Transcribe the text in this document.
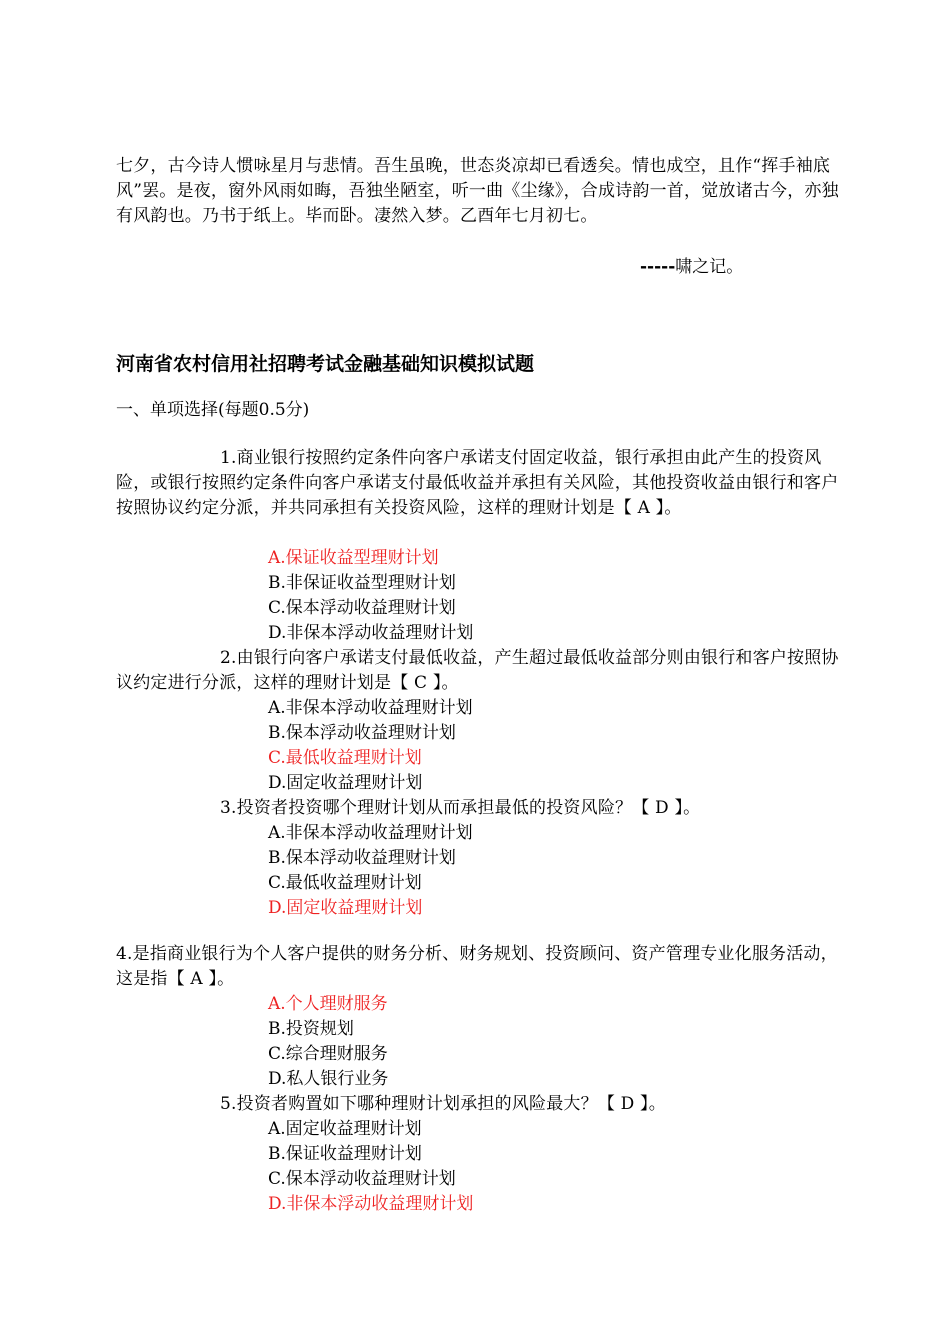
七夕，古今诗人惯咏星月与悲情。吾生虽晚，世态炎凉却已看透矣。情也成空，且作“挥手袖底风”罢。是夜，窗外风雨如晦，吾独坐陋室，听一曲《尘缘》，合成诗韵一首，觉放诸古今，亦独有风韵也。乃书于纸上。毕而卧。凄然入梦。乙酉年七月初七。
-----啸之记。
河南省农村信用社招聘考试金融基础知识模拟试题
一、单项选择(每题0.5分)
1.商业银行按照约定条件向客户承诺支付固定收益，银行承担由此产生的投资风险，或银行按照约定条件向客户承诺支付最低收益并承担有关风险，其他投资收益由银行和客户按照协议约定分派，并共同承担有关投资风险，这样的理财计划是【 A 】。
A.保证收益型理财计划
B.非保证收益型理财计划
C.保本浮动收益理财计划
D.非保本浮动收益理财计划
2.由银行向客户承诺支付最低收益，产生超过最低收益部分则由银行和客户按照协议约定进行分派，这样的理财计划是【 C 】。
A.非保本浮动收益理财计划
B.保本浮动收益理财计划
C.最低收益理财计划
D.固定收益理财计划
3.投资者投资哪个理财计划从而承担最低的投资风险？【 D 】。
A.非保本浮动收益理财计划
B.保本浮动收益理财计划
C.最低收益理财计划
D.固定收益理财计划
4.是指商业银行为个人客户提供的财务分析、财务规划、投资顾问、资产管理专业化服务活动，这是指【 A 】。
A.个人理财服务
B.投资规划
C.综合理财服务
D.私人银行业务
5.投资者购置如下哪种理财计划承担的风险最大？【 D 】。
A.固定收益理财计划
B.保证收益理财计划
C.保本浮动收益理财计划
D.非保本浮动收益理财计划
